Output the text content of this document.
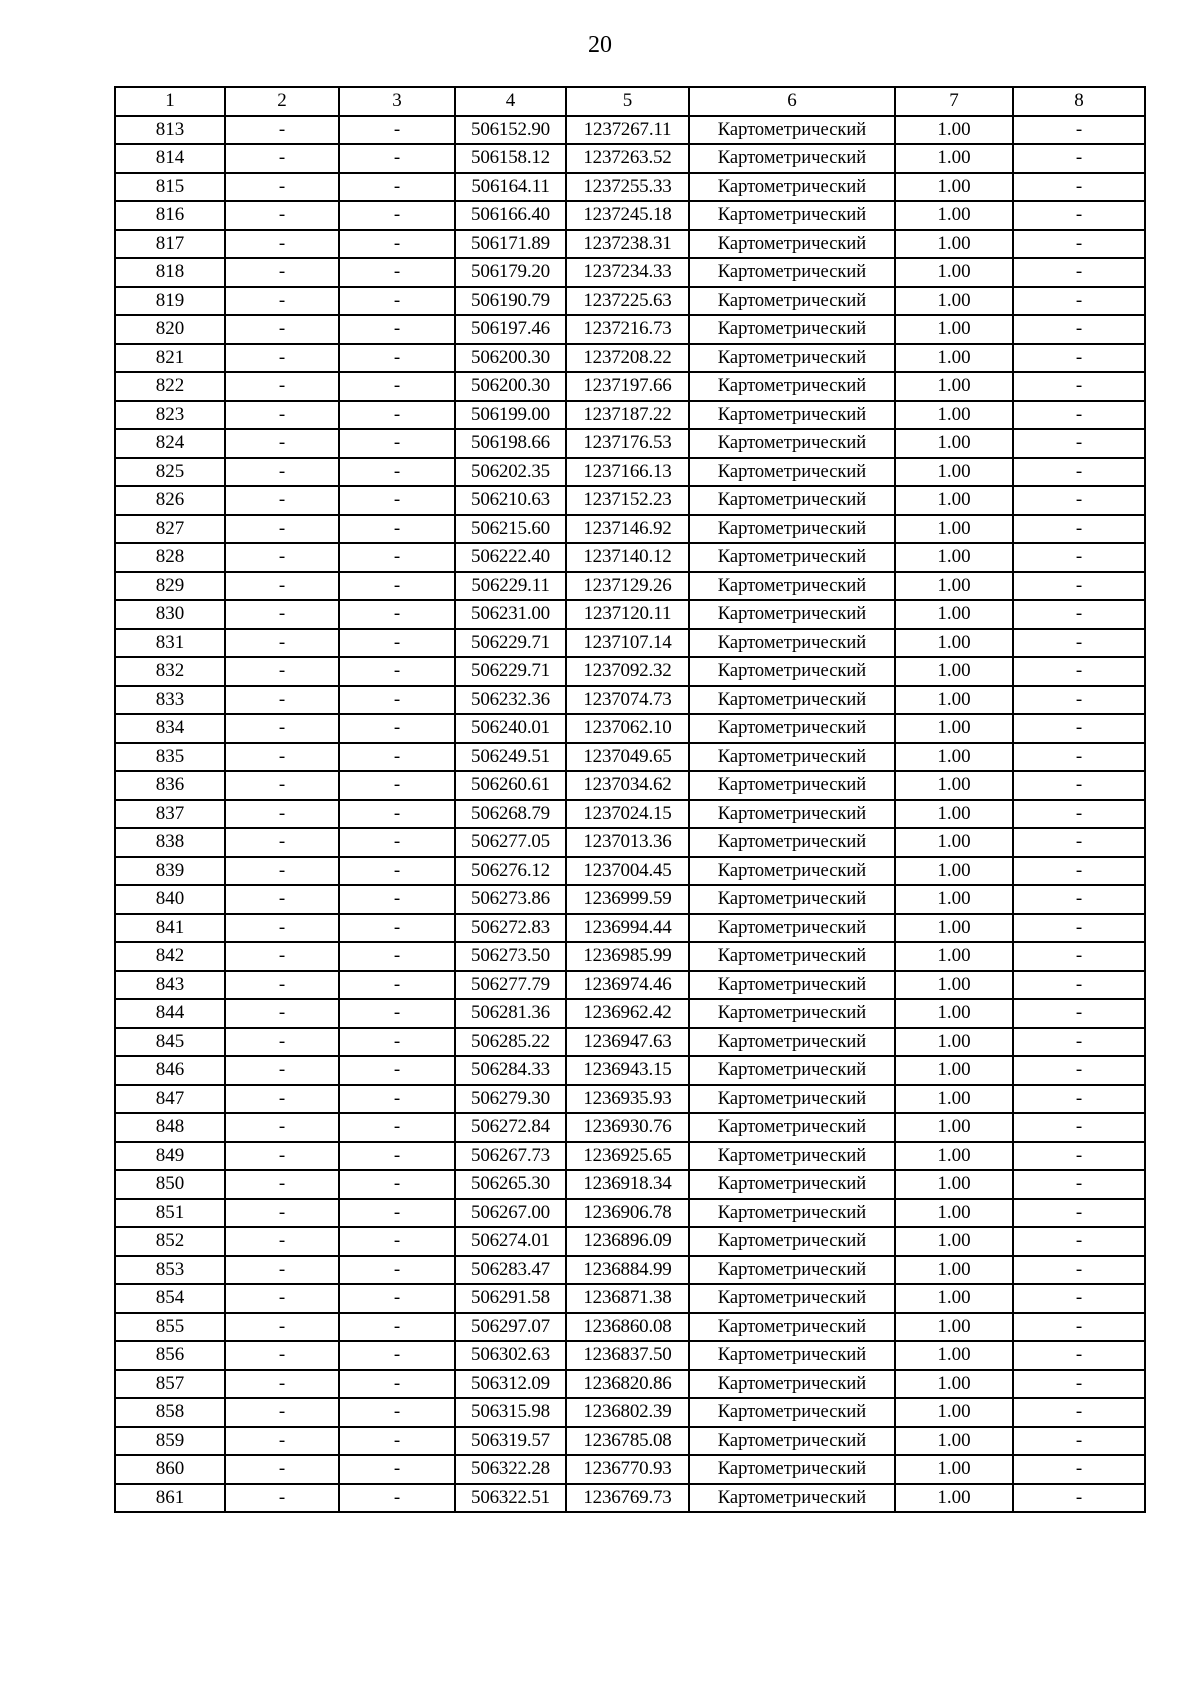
20
1	2	3	4	5	6	7	8
813	-	-	506152.90	1237267.11	Картометрический	1.00	-
814	-	-	506158.12	1237263.52	Картометрический	1.00	-
815	-	-	506164.11	1237255.33	Картометрический	1.00	-
816	-	-	506166.40	1237245.18	Картометрический	1.00	-
817	-	-	506171.89	1237238.31	Картометрический	1.00	-
818	-	-	506179.20	1237234.33	Картометрический	1.00	-
819	-	-	506190.79	1237225.63	Картометрический	1.00	-
820	-	-	506197.46	1237216.73	Картометрический	1.00	-
821	-	-	506200.30	1237208.22	Картометрический	1.00	-
822	-	-	506200.30	1237197.66	Картометрический	1.00	-
823	-	-	506199.00	1237187.22	Картометрический	1.00	-
824	-	-	506198.66	1237176.53	Картометрический	1.00	-
825	-	-	506202.35	1237166.13	Картометрический	1.00	-
826	-	-	506210.63	1237152.23	Картометрический	1.00	-
827	-	-	506215.60	1237146.92	Картометрический	1.00	-
828	-	-	506222.40	1237140.12	Картометрический	1.00	-
829	-	-	506229.11	1237129.26	Картометрический	1.00	-
830	-	-	506231.00	1237120.11	Картометрический	1.00	-
831	-	-	506229.71	1237107.14	Картометрический	1.00	-
832	-	-	506229.71	1237092.32	Картометрический	1.00	-
833	-	-	506232.36	1237074.73	Картометрический	1.00	-
834	-	-	506240.01	1237062.10	Картометрический	1.00	-
835	-	-	506249.51	1237049.65	Картометрический	1.00	-
836	-	-	506260.61	1237034.62	Картометрический	1.00	-
837	-	-	506268.79	1237024.15	Картометрический	1.00	-
838	-	-	506277.05	1237013.36	Картометрический	1.00	-
839	-	-	506276.12	1237004.45	Картометрический	1.00	-
840	-	-	506273.86	1236999.59	Картометрический	1.00	-
841	-	-	506272.83	1236994.44	Картометрический	1.00	-
842	-	-	506273.50	1236985.99	Картометрический	1.00	-
843	-	-	506277.79	1236974.46	Картометрический	1.00	-
844	-	-	506281.36	1236962.42	Картометрический	1.00	-
845	-	-	506285.22	1236947.63	Картометрический	1.00	-
846	-	-	506284.33	1236943.15	Картометрический	1.00	-
847	-	-	506279.30	1236935.93	Картометрический	1.00	-
848	-	-	506272.84	1236930.76	Картометрический	1.00	-
849	-	-	506267.73	1236925.65	Картометрический	1.00	-
850	-	-	506265.30	1236918.34	Картометрический	1.00	-
851	-	-	506267.00	1236906.78	Картометрический	1.00	-
852	-	-	506274.01	1236896.09	Картометрический	1.00	-
853	-	-	506283.47	1236884.99	Картометрический	1.00	-
854	-	-	506291.58	1236871.38	Картометрический	1.00	-
855	-	-	506297.07	1236860.08	Картометрический	1.00	-
856	-	-	506302.63	1236837.50	Картометрический	1.00	-
857	-	-	506312.09	1236820.86	Картометрический	1.00	-
858	-	-	506315.98	1236802.39	Картометрический	1.00	-
859	-	-	506319.57	1236785.08	Картометрический	1.00	-
860	-	-	506322.28	1236770.93	Картометрический	1.00	-
861	-	-	506322.51	1236769.73	Картометрический	1.00	-
